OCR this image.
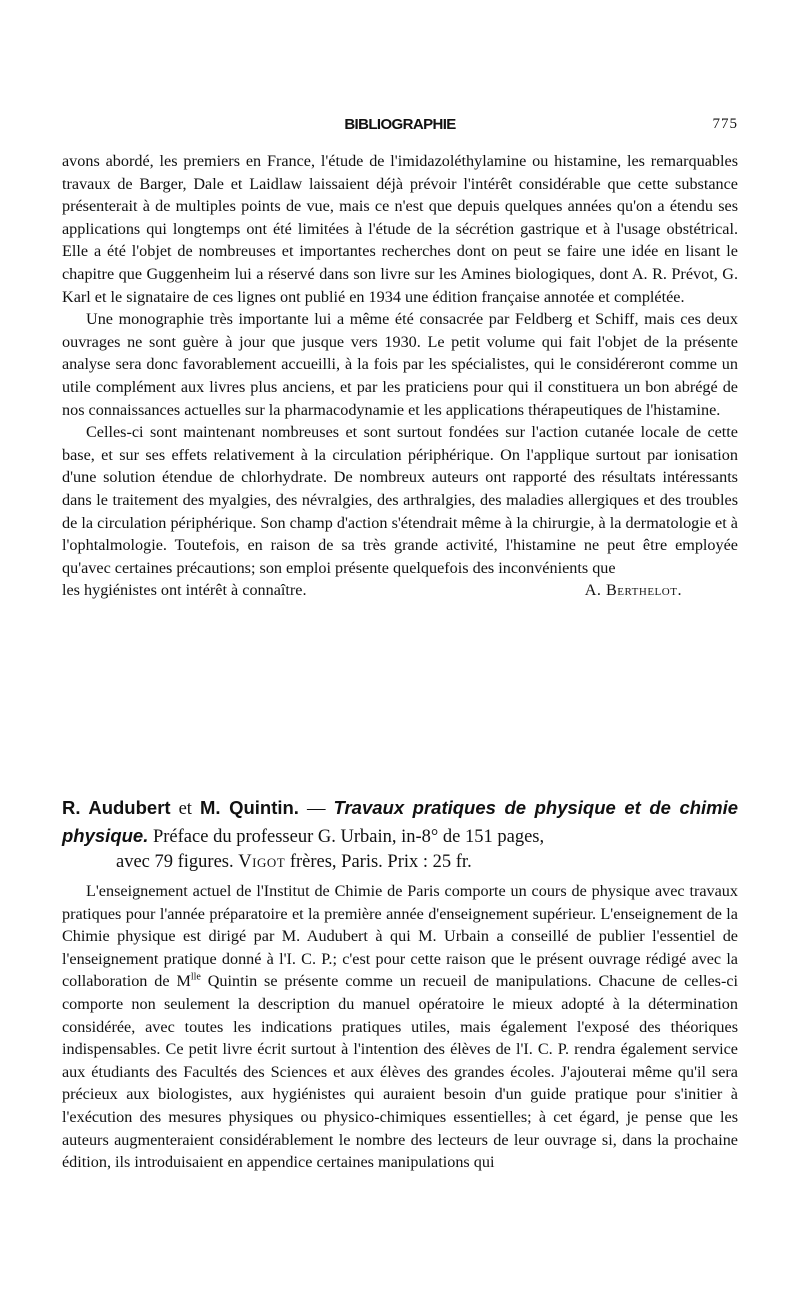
BIBLIOGRAPHIE	775

avons abordé, les premiers en France, l'étude de l'imidazoléthylamine ou histamine, les remarquables travaux de Barger, Dale et Laidlaw laissaient déjà prévoir l'intérêt considérable que cette substance présenterait à de multiples points de vue, mais ce n'est que depuis quelques années qu'on a étendu ses applications qui longtemps ont été limitées à l'étude de la sécrétion gastrique et à l'usage obstétrical. Elle a été l'objet de nombreuses et importantes recherches dont on peut se faire une idée en lisant le chapitre que Guggenheim lui a réservé dans son livre sur les Amines biologiques, dont A. R. Prévot, G. Karl et le signataire de ces lignes ont publié en 1934 une édition française annotée et complétée.

Une monographie très importante lui a même été consacrée par Feldberg et Schiff, mais ces deux ouvrages ne sont guère à jour que jusque vers 1930. Le petit volume qui fait l'objet de la présente analyse sera donc favorablement accueilli, à la fois par les spécialistes, qui le considéreront comme un utile complément aux livres plus anciens, et par les praticiens pour qui il constituera un bon abrégé de nos connaissances actuelles sur la pharmacodynamie et les applications thérapeutiques de l'histamine.

Celles-ci sont maintenant nombreuses et sont surtout fondées sur l'action cutanée locale de cette base, et sur ses effets relativement à la circulation périphérique. On l'applique surtout par ionisation d'une solution étendue de chlorhydrate. De nombreux auteurs ont rapporté des résultats intéressants dans le traitement des myalgies, des névralgies, des arthralgies, des maladies allergiques et des troubles de la circulation périphérique. Son champ d'action s'étendrait même à la chirurgie, à la dermatologie et à l'ophtalmologie. Toutefois, en raison de sa très grande activité, l'histamine ne peut être employée qu'avec certaines précautions; son emploi présente quelquefois des inconvénients que

les hygiénistes ont intérêt à connaître.	A. Berthelot.

R. Audubert et M. Quintin. — Travaux pratiques de physique et de chimie physique. Préface du professeur G. Urbain, in-8° de 151 pages,
avec 79 figures. Vigot frères, Paris. Prix : 25 fr.

L'enseignement actuel de l'Institut de Chimie de Paris comporte un cours de physique avec travaux pratiques pour l'année préparatoire et la première année d'enseignement supérieur. L'enseignement de la Chimie physique est dirigé par M. Audubert à qui M. Urbain a conseillé de publier l'essentiel de l'enseignement pratique donné à l'I. C. P.; c'est pour cette raison que le présent ouvrage rédigé avec la collaboration de $M^{lle}$ Quintin se présente comme un recueil de manipulations. Chacune de celles-ci comporte non seulement la description du manuel opératoire le mieux adopté à la détermination considérée, avec toutes les indications pratiques utiles, mais également l'exposé des théoriques indispensables. Ce petit livre écrit surtout à l'intention des élèves de l'I. C. P. rendra également service aux étudiants des Facultés des Sciences et aux élèves des grandes écoles. J'ajouterai même qu'il sera précieux aux biologistes, aux hygiénistes qui auraient besoin d'un guide pratique pour s'initier à l'exécution des mesures physiques ou physico-chimiques essentielles; à cet égard, je pense que les auteurs augmenteraient considérablement le nombre des lecteurs de leur ouvrage si, dans la prochaine édition, ils introduisaient en appendice certaines manipulations qui
